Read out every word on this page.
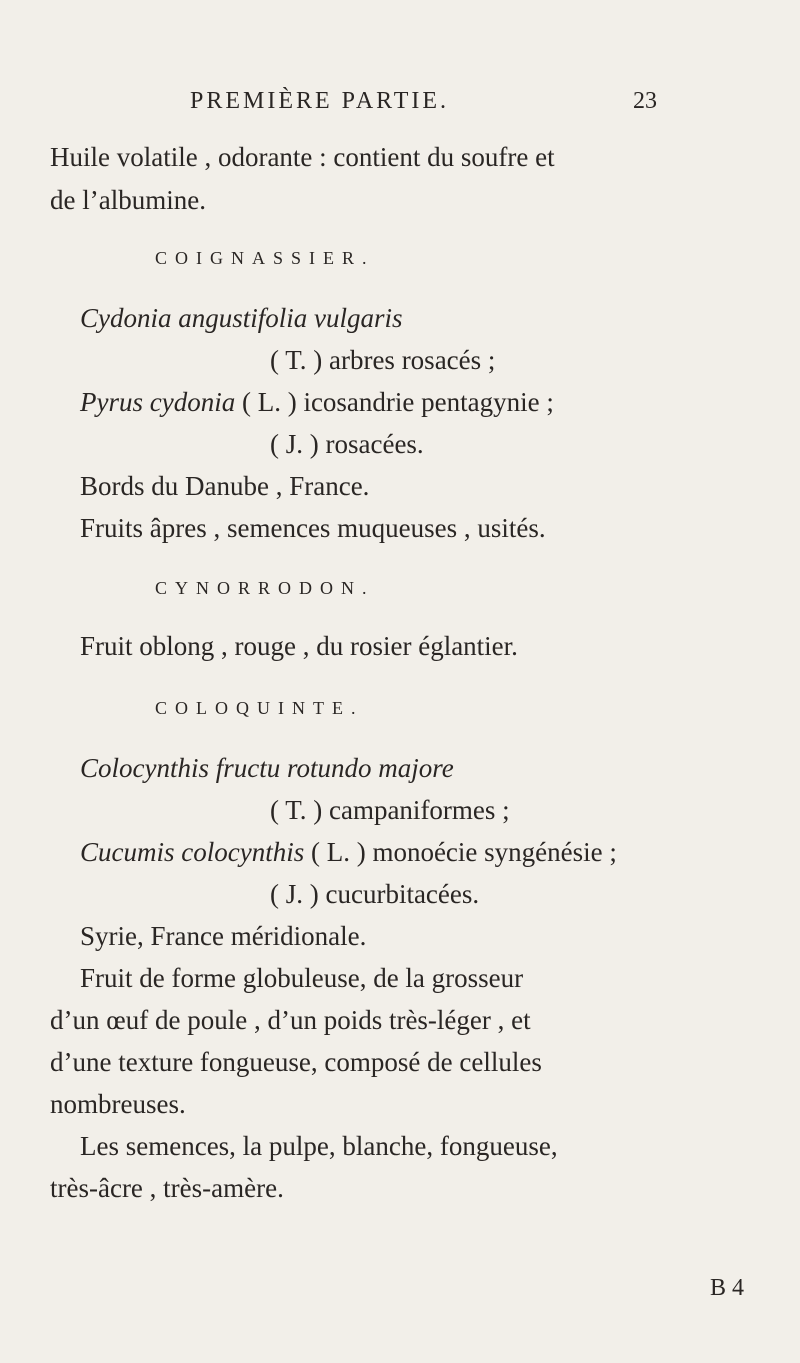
PREMIÈRE PARTIE.	23
Huile volatile , odorante : contient du soufre et
de l’albumine.
COIGNASSIER.
Cydonia angustifolia vulgaris
( T. ) arbres rosacés ;
Pyrus cydonia ( L. ) icosandrie pentagynie ;
( J. ) rosacées.
Bords du Danube , France.
Fruits âpres , semences muqueuses , usités.
CYNORRODON.
Fruit oblong , rouge , du rosier églantier.
COLOQUINTE.
Colocynthis fructu rotundo majore
( T. ) campaniformes ;
Cucumis colocynthis ( L. ) monoécie syngénésie ;
( J. ) cucurbitacées.
Syrie, France méridionale.
Fruit de forme globuleuse, de la grosseur
d’un œuf de poule , d’un poids très-léger , et
d’une texture fongueuse, composé de cellules
nombreuses.
Les semences, la pulpe, blanche, fongueuse,
très-âcre , très-amère.
B 4
